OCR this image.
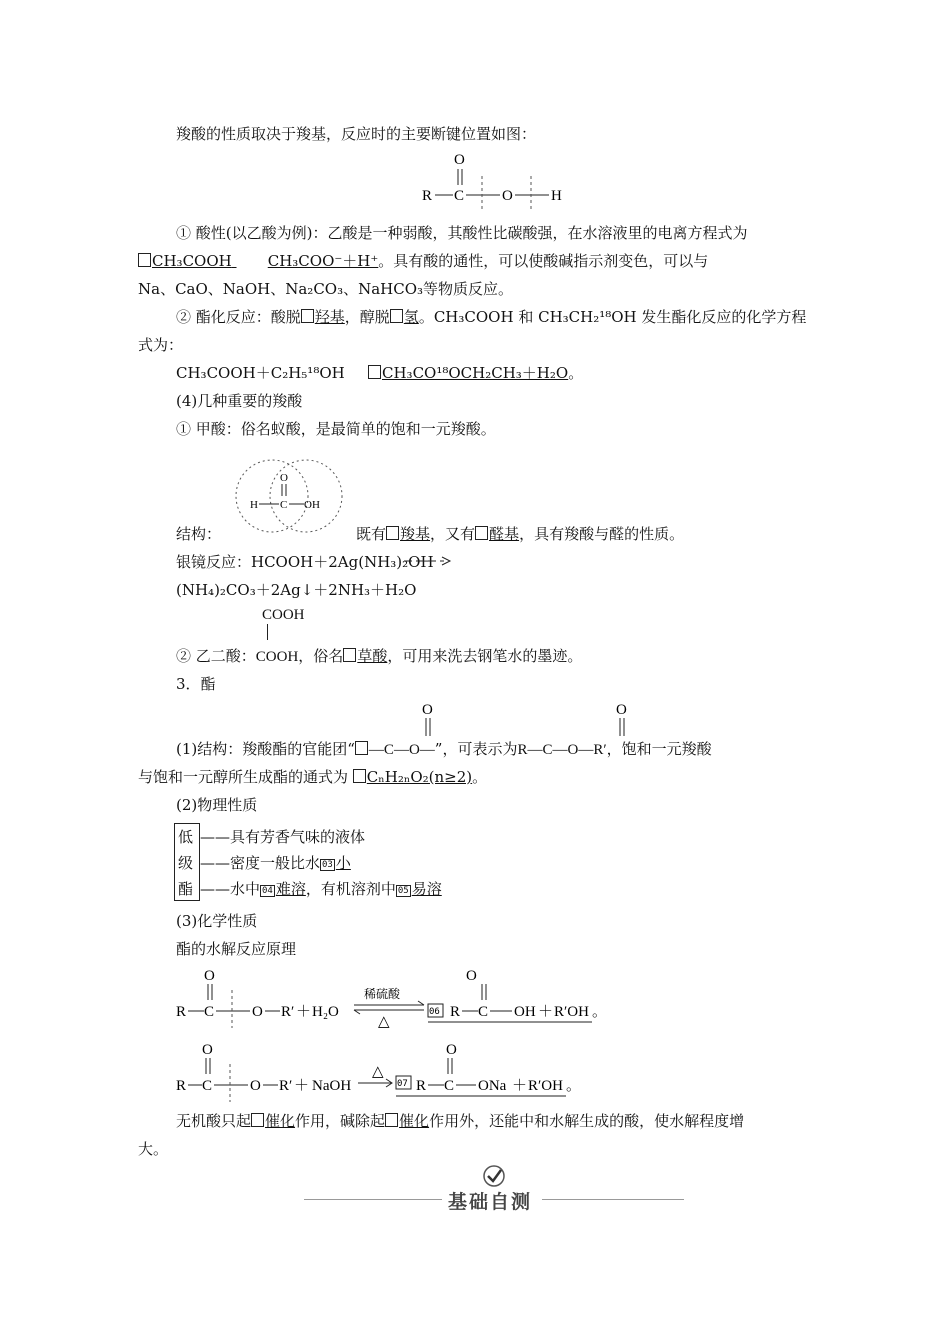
羧酸的性质取决于羧基，反应时的主要断键位置如图：
O
R C	O	H
① 酸性(以乙酸为例)：乙酸是一种弱酸，其酸性比碳酸强，在水溶液里的电离方程式为
CH₃COOH CH₃COO⁻＋H⁺。具有酸的通性，可以使酸碱指示剂变色，可以与
Na、CaO、NaOH、Na₂CO₃、NaHCO₃等物质反应。
② 酯化反应：酸脱 羟基，醇脱 氢。CH₃COOH 和 CH₃CH₂¹⁸OH 发生酯化反应的化学方程
式为：
CH₃COOH＋C₂H₅¹⁸OH	CH₃CO¹⁸OCH₂CH₃＋H₂O。
(4)几种重要的羧酸
① 甲酸：俗名蚁酸，是最简单的饱和一元羧酸。
O
H C OH
结构：	既有 羧基，又有 醛基，具有羧酸与醛的性质。
银镜反应：HCOOH＋2Ag(NH₃)₂OH
(NH₄)₂CO₃＋2Ag↓＋2NH₃＋H₂O
COOH
② 乙二酸：COOH，俗名 草酸，可用来洗去钢笔水的墨迹。
3．酯
O	O
(1)结构：羧酸酯的官能团“ —C—O—”，可表示为R—C—O—R′，饱和一元羧酸
与饱和一元醇所生成酯的通式为 CₙH₂ₙO₂(n≥2)。
(2)物理性质
低
级
酯
——具有芳香气味的液体
——密度一般比水 03 小
——水中 04 难溶，有机溶剂中 05 易溶
(3)化学性质
酯的水解反应原理
O
R C	O R′ ＋ H₂O
稀硫酸
△
06 R C
O
OH ＋ R′OH 。
O
R C	O R′ ＋ NaOH
△
07 R C
O
ONa ＋ R′OH 。
无机酸只起 催化作用，碱除起 催化作用外，还能中和水解生成的酸，使水解程度增
大。
基础自测
